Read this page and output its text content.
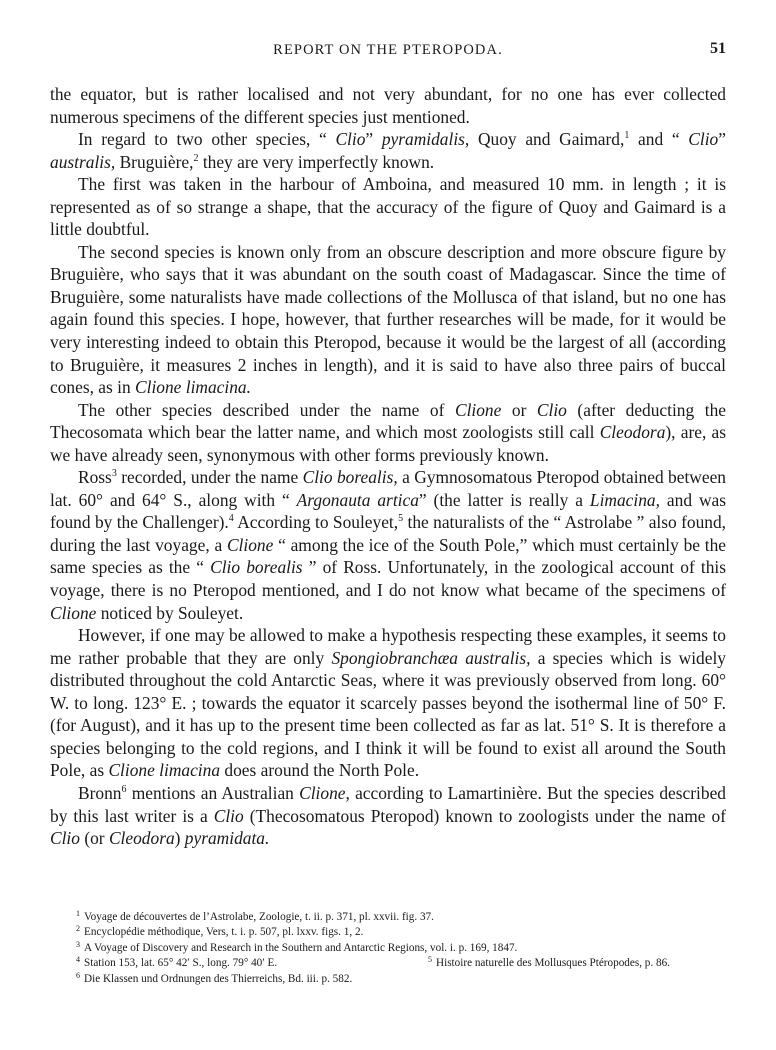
REPORT ON THE PTEROPODA.	51

the equator, but is rather localised and not very abundant, for no one has ever collected numerous specimens of the different species just mentioned.

In regard to two other species, “ Clio” pyramidalis, Quoy and Gaimard,$^1$ and “ Clio” australis, Bruguière,$^2$ they are very imperfectly known.

The first was taken in the harbour of Amboina, and measured 10 mm. in length ; it is represented as of so strange a shape, that the accuracy of the figure of Quoy and Gaimard is a little doubtful.

The second species is known only from an obscure description and more obscure figure by Bruguière, who says that it was abundant on the south coast of Madagascar. Since the time of Bruguière, some naturalists have made collections of the Mollusca of that island, but no one has again found this species. I hope, however, that further researches will be made, for it would be very interesting indeed to obtain this Pteropod, because it would be the largest of all (according to Bruguière, it measures 2 inches in length), and it is said to have also three pairs of buccal cones, as in Clione limacina.

The other species described under the name of Clione or Clio (after deducting the Thecosomata which bear the latter name, and which most zoologists still call Cleodora), are, as we have already seen, synonymous with other forms previously known.

Ross$^3$ recorded, under the name Clio borealis, a Gymnosomatous Pteropod obtained between lat. 60° and 64° S., along with “ Argonauta artica” (the latter is really a Limacina, and was found by the Challenger).$^4$ According to Souleyet,$^5$ the naturalists of the “ Astrolabe ” also found, during the last voyage, a Clione “ among the ice of the South Pole,” which must certainly be the same species as the “ Clio borealis ” of Ross. Unfortunately, in the zoological account of this voyage, there is no Pteropod mentioned, and I do not know what became of the specimens of Clione noticed by Souleyet.

However, if one may be allowed to make a hypothesis respecting these examples, it seems to me rather probable that they are only Spongiobranchæa australis, a species which is widely distributed throughout the cold Antarctic Seas, where it was previously observed from long. 60° W. to long. 123° E. ; towards the equator it scarcely passes beyond the isothermal line of 50° F. (for August), and it has up to the present time been collected as far as lat. 51° S. It is therefore a species belonging to the cold regions, and I think it will be found to exist all around the South Pole, as Clione limacina does around the North Pole.

Bronn$^6$ mentions an Australian Clione, according to Lamartinière. But the species described by this last writer is a Clio (Thecosomatous Pteropod) known to zoologists under the name of Clio (or Cleodora) pyramidata.

$^1$ Voyage de découvertes de l’Astrolabe, Zoologie, t. ii. p. 371, pl. xxvii. fig. 37.
$^2$ Encyclopédie méthodique, Vers, t. i. p. 507, pl. lxxv. figs. 1, 2.
$^3$ A Voyage of Discovery and Research in the Southern and Antarctic Regions, vol. i. p. 169, 1847.
$^4$ Station 153, lat. 65° 42′ S., long. 79° 40′ E.	$^5$ Histoire naturelle des Mollusques Ptéropodes, p. 86.
$^6$ Die Klassen und Ordnungen des Thierreichs, Bd. iii. p. 582.
